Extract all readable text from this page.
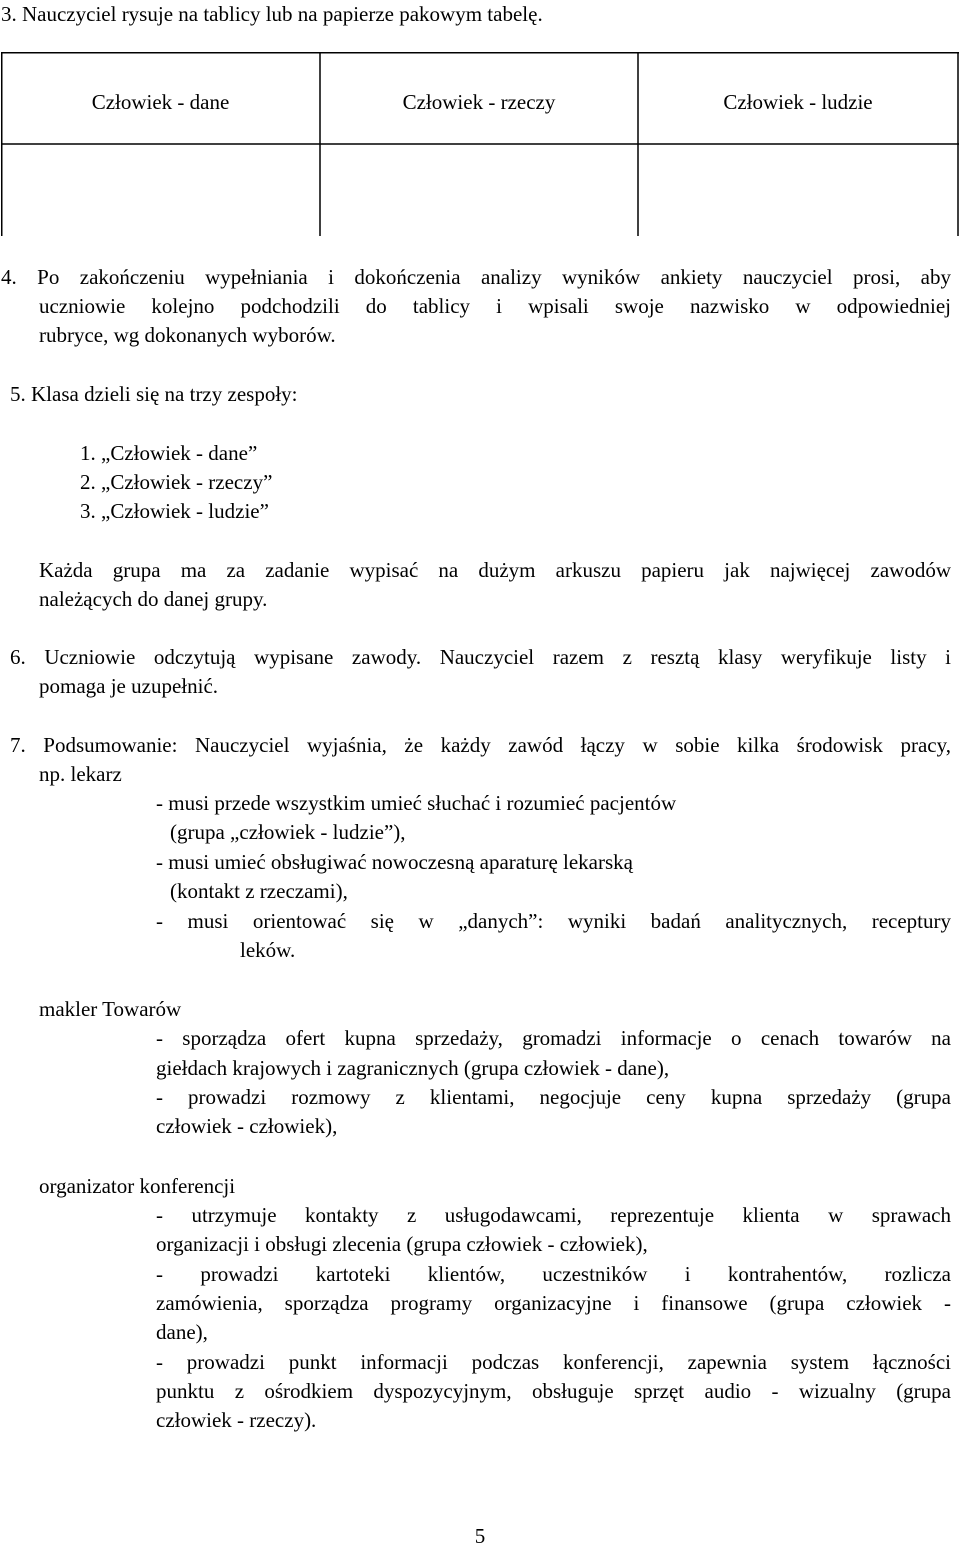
3. Nauczyciel rysuje na tablicy lub na papierze pakowym tabelę.
Człowiek - dane	Człowiek - rzeczy	Człowiek - ludzie
4. Po zakończeniu wypełniania i dokończenia analizy wyników ankiety nauczyciel prosi, aby
uczniowie kolejno podchodzili do tablicy i wpisali swoje nazwisko w odpowiedniej
rubryce, wg dokonanych wyborów.
5. Klasa dzieli się na trzy zespoły:
1. „Człowiek - dane”
2. „Człowiek - rzeczy”
3. „Człowiek - ludzie”
Każda grupa ma za zadanie wypisać na dużym arkuszu papieru jak najwięcej zawodów
należących do danej grupy.
6. Uczniowie odczytują wypisane zawody. Nauczyciel razem z resztą klasy weryfikuje listy i
pomaga je uzupełnić.
7. Podsumowanie: Nauczyciel wyjaśnia, że każdy zawód łączy w sobie kilka środowisk pracy,
np. lekarz
- musi przede wszystkim umieć słuchać i rozumieć pacjentów
(grupa „człowiek - ludzie”),
- musi umieć obsługiwać nowoczesną aparaturę lekarską
(kontakt z rzeczami),
- musi orientować się w „danych”: wyniki badań analitycznych, receptury
leków.
makler Towarów
- sporządza ofert kupna sprzedaży, gromadzi informacje o cenach towarów na
giełdach krajowych i zagranicznych (grupa człowiek - dane),
- prowadzi rozmowy z klientami, negocjuje ceny kupna sprzedaży (grupa
człowiek - człowiek),
organizator konferencji
- utrzymuje kontakty z usługodawcami, reprezentuje klienta w sprawach
organizacji i obsługi zlecenia (grupa człowiek - człowiek),
- prowadzi kartoteki klientów, uczestników i kontrahentów, rozlicza
zamówienia, sporządza programy organizacyjne i finansowe (grupa człowiek -
dane),
- prowadzi punkt informacji podczas konferencji, zapewnia system łączności
punktu z ośrodkiem dyspozycyjnym, obsługuje sprzęt audio - wizualny (grupa
człowiek - rzeczy).
5
